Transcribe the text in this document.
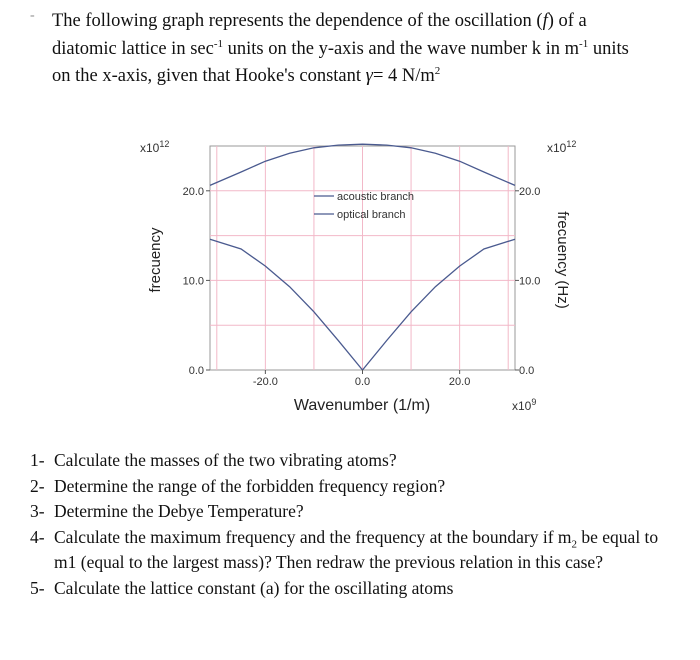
- The following graph represents the dependence of the oscillation (f) of a
diatomic lattice in $\sec^{-1}$ units on the y-axis and the wave number k in $m^{-1}$ units
on the x-axis, given that Hooke's constant γ= 4 $N/m^2$
-20.0	0.0	20.0
0.0	0.0
10.0	10.0
20.0	20.0
acoustic branch
optical branch
$x10^{12}$	$x10^{12}$
$x10^9$
Wavenumber (1/m)
frecuency	frecuency (Hz)
1- Calculate the masses of the two vibrating atoms?
2- Determine the range of the forbidden frequency region?
3- Determine the Debye Temperature?
4- Calculate the maximum frequency and the frequency at the boundary if $m_2$ be equal to m1 (equal to the largest mass)? Then redraw the previous relation in this case?
5- Calculate the lattice constant (a) for the oscillating atoms
